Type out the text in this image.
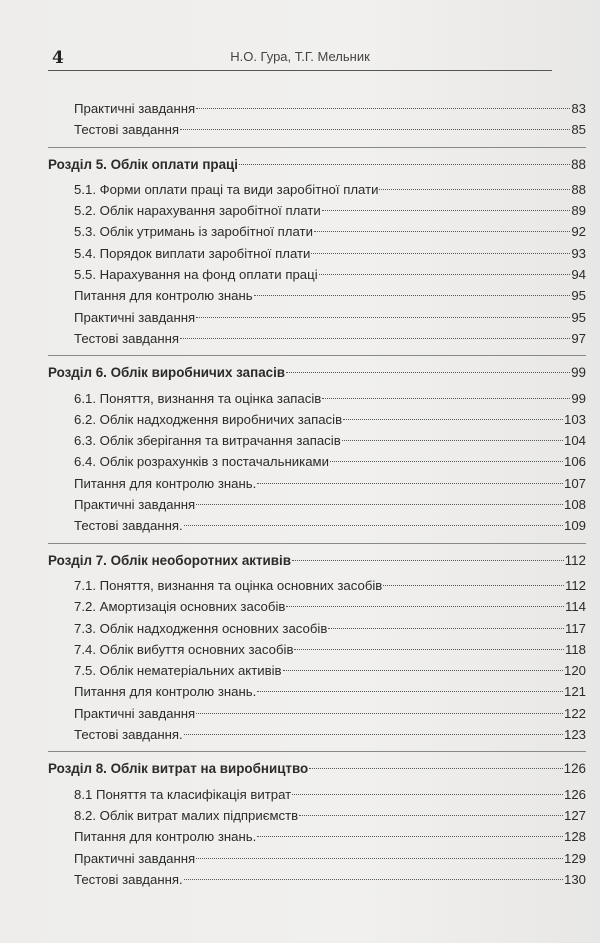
4	Н.О. Гура, Т.Г. Мельник
Практичні завдання	83
Тестові завдання	85
Розділ 5. Облік оплати праці	88
5.1. Форми оплати праці та види заробітної плати	88
5.2. Облік нарахування заробітної плати	89
5.3. Облік утримань із заробітної плати	92
5.4. Порядок виплати заробітної плати	93
5.5. Нарахування на фонд оплати праці	94
Питання для контролю знань	95
Практичні завдання	95
Тестові завдання	97
Розділ 6. Облік виробничих запасів	99
6.1. Поняття, визнання та оцінка запасів	99
6.2. Облік надходження виробничих запасів	103
6.3. Облік зберігання та витрачання запасів	104
6.4. Облік розрахунків з постачальниками	106
Питання для контролю знань.	107
Практичні завдання	108
Тестові завдання.	109
Розділ 7. Облік необоротних активів	112
7.1. Поняття, визнання та оцінка основних засобів	112
7.2. Амортизація основних засобів	114
7.3. Облік надходження основних засобів	117
7.4. Облік вибуття основних засобів	118
7.5. Облік нематеріальних активів	120
Питання для контролю знань.	121
Практичні завдання	122
Тестові завдання.	123
Розділ 8. Облік витрат на виробництво	126
8.1 Поняття та класифікація витрат	126
8.2. Облік витрат малих підприємств	127
Питання для контролю знань.	128
Практичні завдання	129
Тестові завдання.	130
